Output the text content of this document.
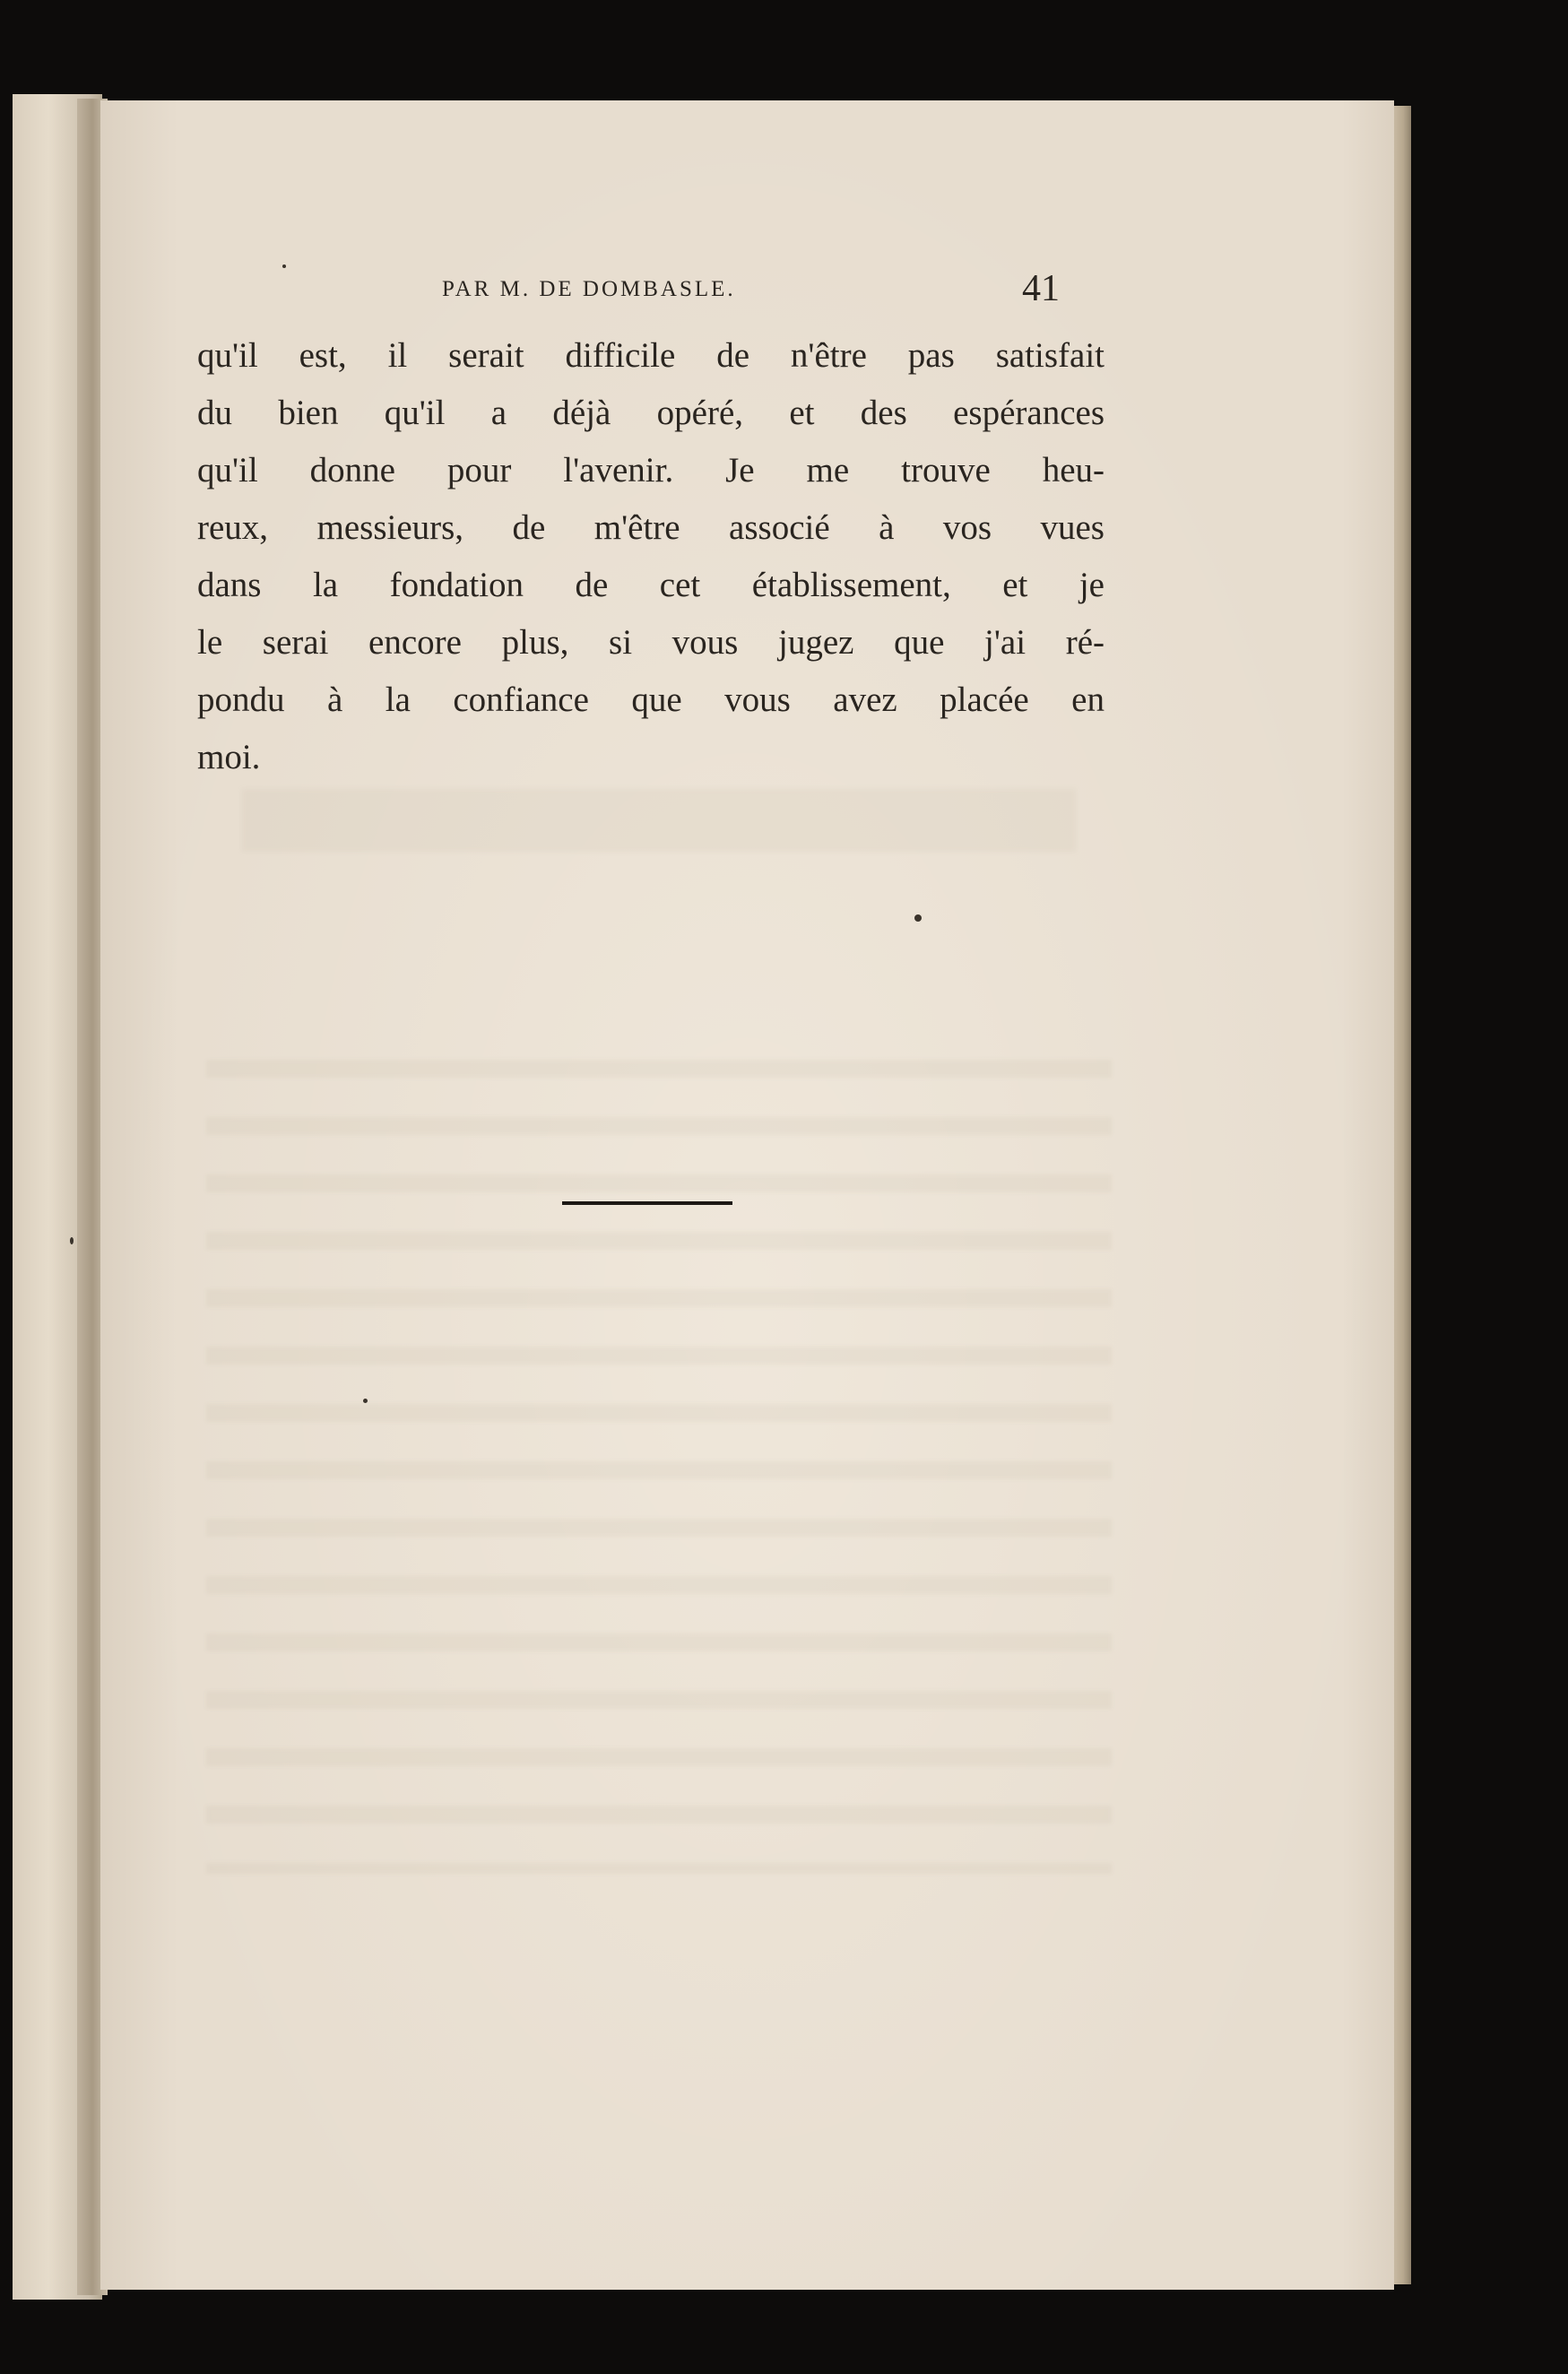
PAR M. DE DOMBASLE.	41
qu'il est, il serait difficile de n'être pas satisfait
du bien qu'il a déjà opéré, et des espérances
qu'il donne pour l'avenir. Je me trouve heu-
reux, messieurs, de m'être associé à vos vues
dans la fondation de cet établissement, et je
le serai encore plus, si vous jugez que j'ai ré-
pondu à la confiance que vous avez placée en
moi.
